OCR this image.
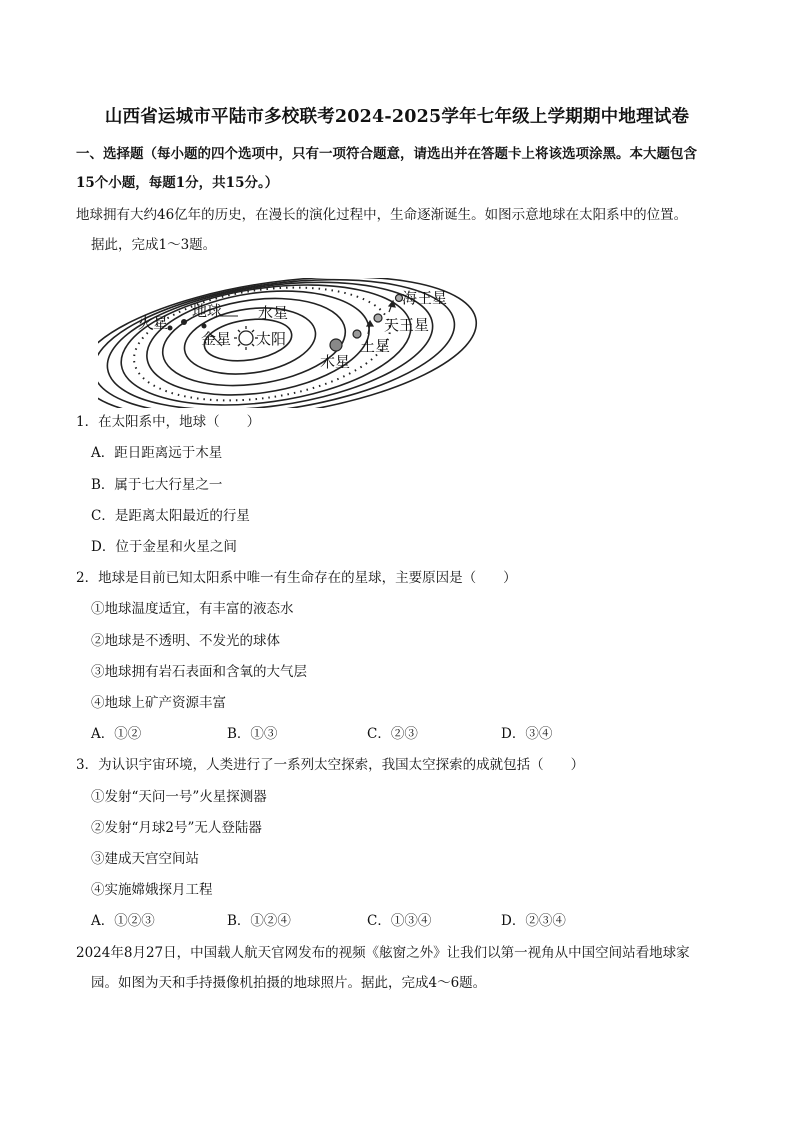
山西省运城市平陆市多校联考2024-2025学年七年级上学期期中地理试卷
一、选择题（每小题的四个选项中，只有一项符合题意，请选出并在答题卡上将该选项涂黑。本大题包含
15个小题，每题1分，共15分。）
地球拥有大约46亿年的历史，在漫长的演化过程中，生命逐渐诞生。如图示意地球在太阳系中的位置。
据此，完成1～3题。
海王星
天王星
土星
木星
火星
地球 水星
金星 太阳
1．在太阳系中，地球（　　）
A．距日距离远于木星
B．属于七大行星之一
C．是距离太阳最近的行星
D．位于金星和火星之间
2．地球是目前已知太阳系中唯一有生命存在的星球，主要原因是（　　）
①地球温度适宜，有丰富的液态水
②地球是不透明、不发光的球体
③地球拥有岩石表面和含氧的大气层
④地球上矿产资源丰富
A．①②	B．①③	C．②③	D．③④
3．为认识宇宙环境，人类进行了一系列太空探索，我国太空探索的成就包括（　　）
①发射“天问一号”火星探测器
②发射“月球2号”无人登陆器
③建成天宫空间站
④实施嫦娥探月工程
A．①②③	B．①②④	C．①③④	D．②③④
2024年8月27日，中国载人航天官网发布的视频《舷窗之外》让我们以第一视角从中国空间站看地球家
园。如图为天和手持摄像机拍摄的地球照片。据此，完成4～6题。
